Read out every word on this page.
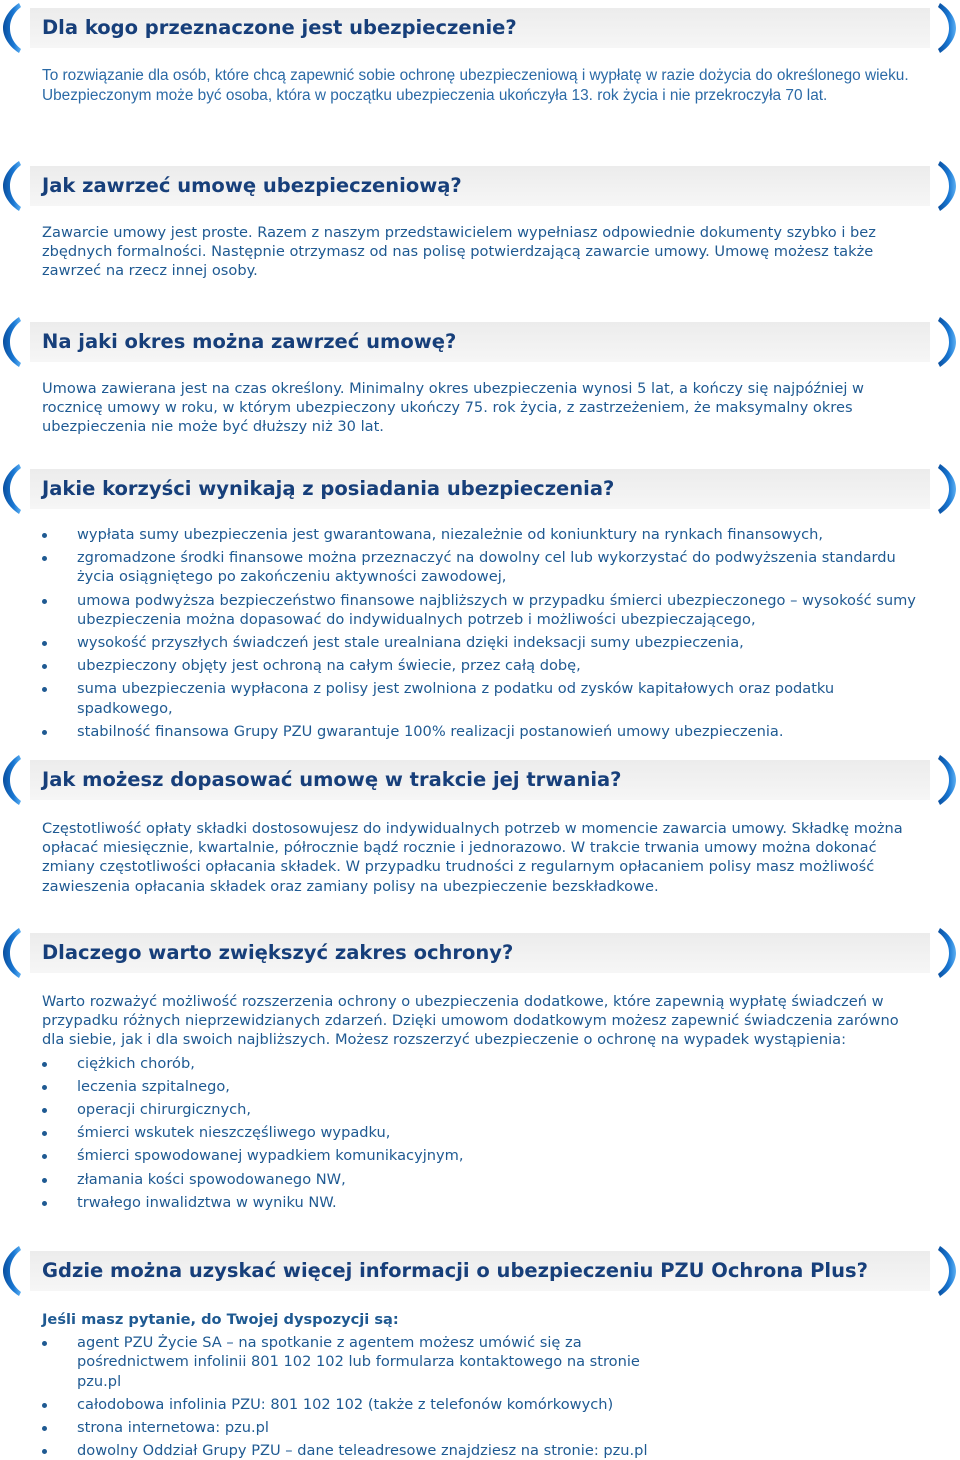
Dla kogo przeznaczone jest ubezpieczenie?

To rozwiązanie dla osób, które chcą zapewnić sobie ochronę ubezpieczeniową i wypłatę w razie dożycia do określonego wieku. Ubezpieczonym może być osoba, która w początku ubezpieczenia ukończyła 13. rok życia i nie przekroczyła 70 lat.

Jak zawrzeć umowę ubezpieczeniową?

Zawarcie umowy jest proste. Razem z naszym przedstawicielem wypełniasz odpowiednie dokumenty szybko i bez zbędnych formalności. Następnie otrzymasz od nas polisę potwierdzającą zawarcie umowy. Umowę możesz także zawrzeć na rzecz innej osoby.

Na jaki okres można zawrzeć umowę?

Umowa zawierana jest na czas określony. Minimalny okres ubezpieczenia wynosi 5 lat, a kończy się najpóźniej w rocznicę umowy w roku, w którym ubezpieczony ukończy 75. rok życia, z zastrzeżeniem, że maksymalny okres ubezpieczenia nie może być dłuższy niż 30 lat.

Jakie korzyści wynikają z posiadania ubezpieczenia?
wypłata sumy ubezpieczenia jest gwarantowana, niezależnie od koniunktury na rynkach finansowych,
zgromadzone środki finansowe można przeznaczyć na dowolny cel lub wykorzystać do podwyższenia standardu życia osiągniętego po zakończeniu aktywności zawodowej,
umowa podwyższa bezpieczeństwo finansowe najbliższych w przypadku śmierci ubezpieczonego – wysokość sumy ubezpieczenia można dopasować do indywidualnych potrzeb i możliwości ubezpieczającego,
wysokość przyszłych świadczeń jest stale urealniana dzięki indeksacji sumy ubezpieczenia,
ubezpieczony objęty jest ochroną na całym świecie, przez całą dobę,
suma ubezpieczenia wypłacona z polisy jest zwolniona z podatku od zysków kapitałowych oraz podatku spadkowego,
stabilność finansowa Grupy PZU gwarantuje 100% realizacji postanowień umowy ubezpieczenia.
Jak możesz dopasować umowę w trakcie jej trwania?

Częstotliwość opłaty składki dostosowujesz do indywidualnych potrzeb w momencie zawarcia umowy. Składkę można opłacać miesięcznie, kwartalnie, półrocznie bądź rocznie i jednorazowo. W trakcie trwania umowy można dokonać zmiany częstotliwości opłacania składek. W przypadku trudności z regularnym opłacaniem polisy masz możliwość zawieszenia opłacania składek oraz zamiany polisy na ubezpieczenie bezskładkowe.

Dlaczego warto zwiększyć zakres ochrony?

Warto rozważyć możliwość rozszerzenia ochrony o ubezpieczenia dodatkowe, które zapewnią wypłatę świadczeń w przypadku różnych nieprzewidzianych zdarzeń. Dzięki umowom dodatkowym możesz zapewnić świadczenia zarówno dla siebie, jak i dla swoich najbliższych. Możesz rozszerzyć ubezpieczenie o ochronę na wypadek wystąpienia:

ciężkich chorób,
leczenia szpitalnego,
operacji chirurgicznych,
śmierci wskutek nieszczęśliwego wypadku,
śmierci spowodowanej wypadkiem komunikacyjnym,
złamania kości spowodowanego NW,
trwałego inwalidztwa w wyniku NW.
Gdzie można uzyskać więcej informacji o ubezpieczeniu PZU Ochrona Plus?

Jeśli masz pytanie, do Twojej dyspozycji są:

agent PZU Życie SA – na spotkanie z agentem możesz umówić się za pośrednictwem infolinii 801 102 102 lub formularza kontaktowego na stronie pzu.pl
całodobowa infolinia PZU: 801 102 102 (także z telefonów komórkowych)
strona internetowa: pzu.pl
dowolny Oddział Grupy PZU – dane teleadresowe znajdziesz na stronie: pzu.pl
